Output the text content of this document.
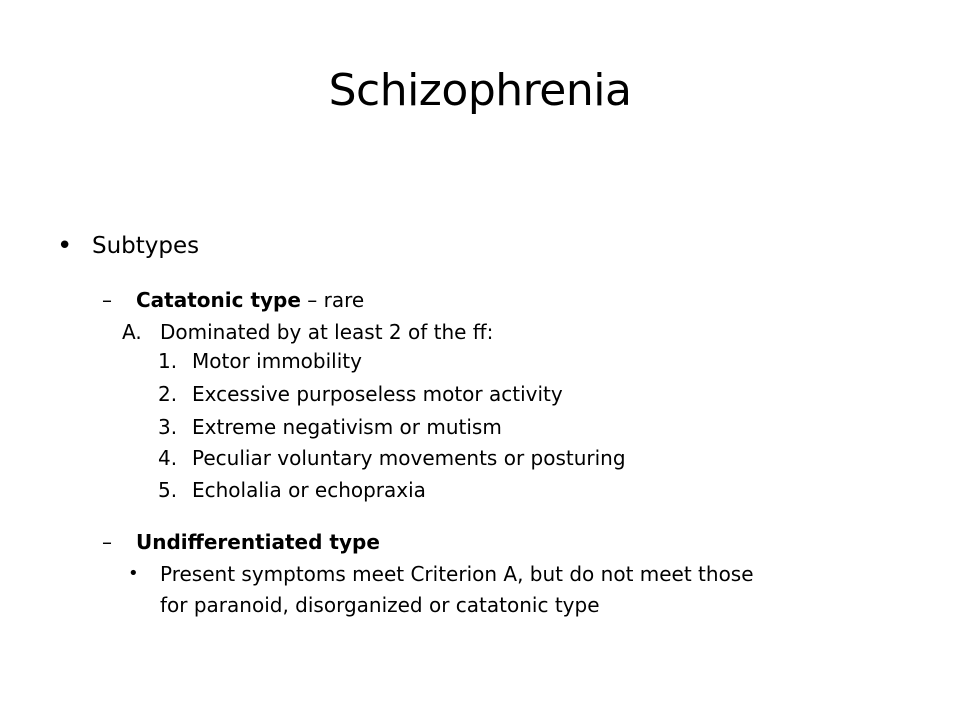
Schizophrenia
• Subtypes
– Catatonic type – rare
A. Dominated by at least 2 of the ff:
1. Motor immobility
2. Excessive purposeless motor activity
3. Extreme negativism or mutism
4. Peculiar voluntary movements or posturing
5. Echolalia or echopraxia
– Undifferentiated type
• Present symptoms meet Criterion A, but do not meet those
for paranoid, disorganized or catatonic type
